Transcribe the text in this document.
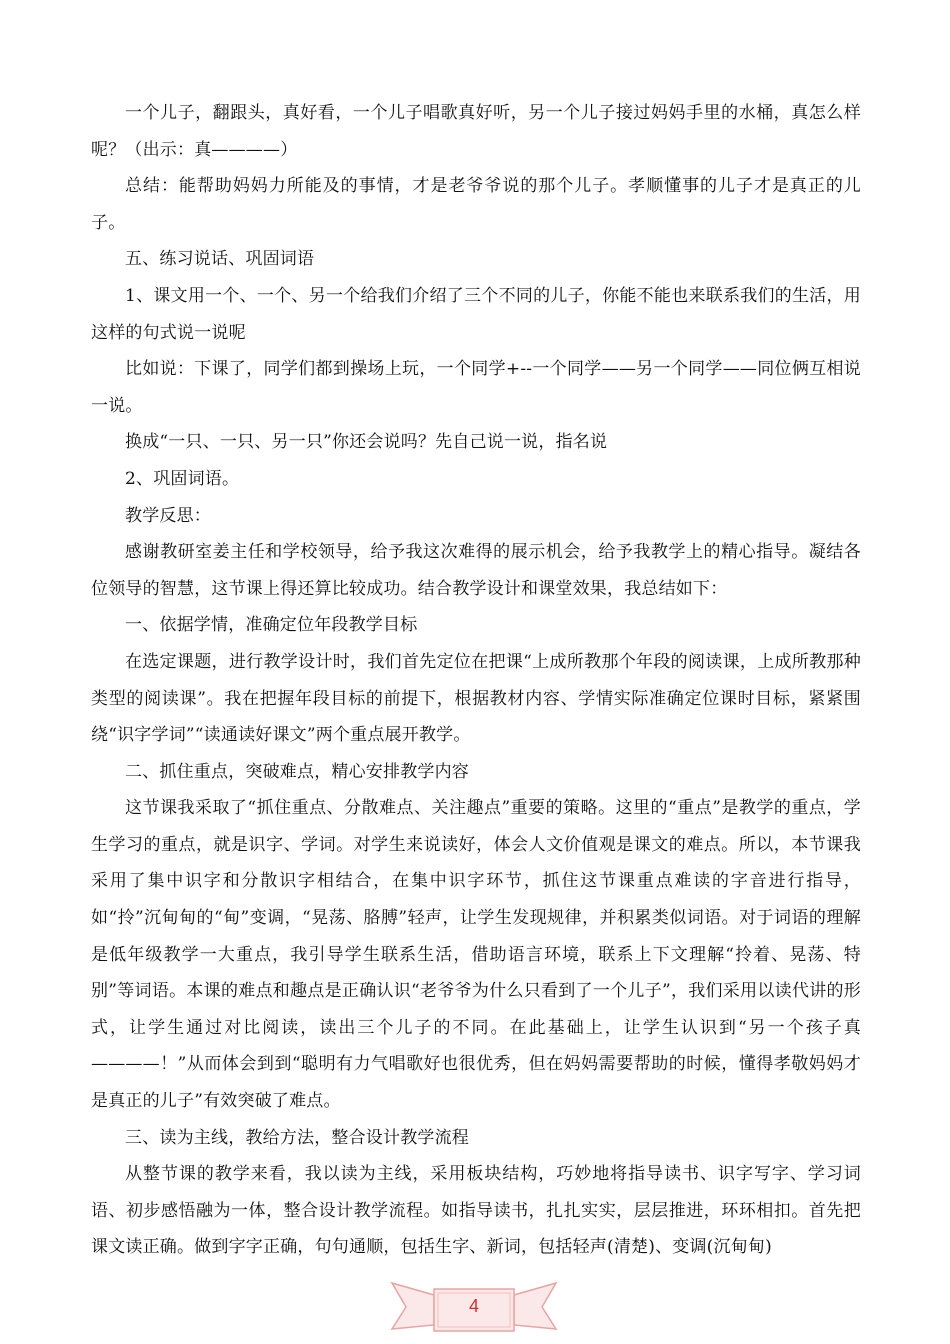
一个儿子，翻跟头，真好看，一个儿子唱歌真好听，另一个儿子接过妈妈手里的水桶，真怎么样呢？（出示：真————）

总结：能帮助妈妈力所能及的事情，才是老爷爷说的那个儿子。孝顺懂事的儿子才是真正的儿子。

五、练习说话、巩固词语

1、课文用一个、一个、另一个给我们介绍了三个不同的儿子，你能不能也来联系我们的生活，用这样的句式说一说呢

比如说：下课了，同学们都到操场上玩，一个同学+--一个同学——另一个同学——同位俩互相说一说。

换成“一只、一只、另一只”你还会说吗？先自己说一说，指名说

2、巩固词语。

教学反思：

感谢教研室姜主任和学校领导，给予我这次难得的展示机会，给予我教学上的精心指导。凝结各位领导的智慧，这节课上得还算比较成功。结合教学设计和课堂效果，我总结如下：

一、依据学情，准确定位年段教学目标

在选定课题，进行教学设计时，我们首先定位在把课“上成所教那个年段的阅读课，上成所教那种类型的阅读课”。我在把握年段目标的前提下，根据教材内容、学情实际准确定位课时目标，紧紧围绕“识字学词”“读通读好课文”两个重点展开教学。

二、抓住重点，突破难点，精心安排教学内容

这节课我采取了“抓住重点、分散难点、关注趣点”重要的策略。这里的“重点”是教学的重点，学生学习的重点，就是识字、学词。对学生来说读好，体会人文价值观是课文的难点。所以，本节课我采用了集中识字和分散识字相结合，在集中识字环节，抓住这节课重点难读的字音进行指导，如“拎”沉甸甸的“甸”变调，“晃荡、胳膊”轻声，让学生发现规律，并积累类似词语。对于词语的理解是低年级教学一大重点，我引导学生联系生活，借助语言环境，联系上下文理解“拎着、晃荡、特别”等词语。本课的难点和趣点是正确认识“老爷爷为什么只看到了一个儿子”，我们采用以读代讲的形式，让学生通过对比阅读，读出三个儿子的不同。在此基础上，让学生认识到“另一个孩子真————！”从而体会到到“聪明有力气唱歌好也很优秀，但在妈妈需要帮助的时候，懂得孝敬妈妈才是真正的儿子”有效突破了难点。

三、读为主线，教给方法，整合设计教学流程

从整节课的教学来看，我以读为主线，采用板块结构，巧妙地将指导读书、识字写字、学习词语、初步感悟融为一体，整合设计教学流程。如指导读书，扎扎实实，层层推进，环环相扣。首先把课文读正确。做到字字正确，句句通顺，包括生字、新词，包括轻声(清楚)、变调(沉甸甸)

4
